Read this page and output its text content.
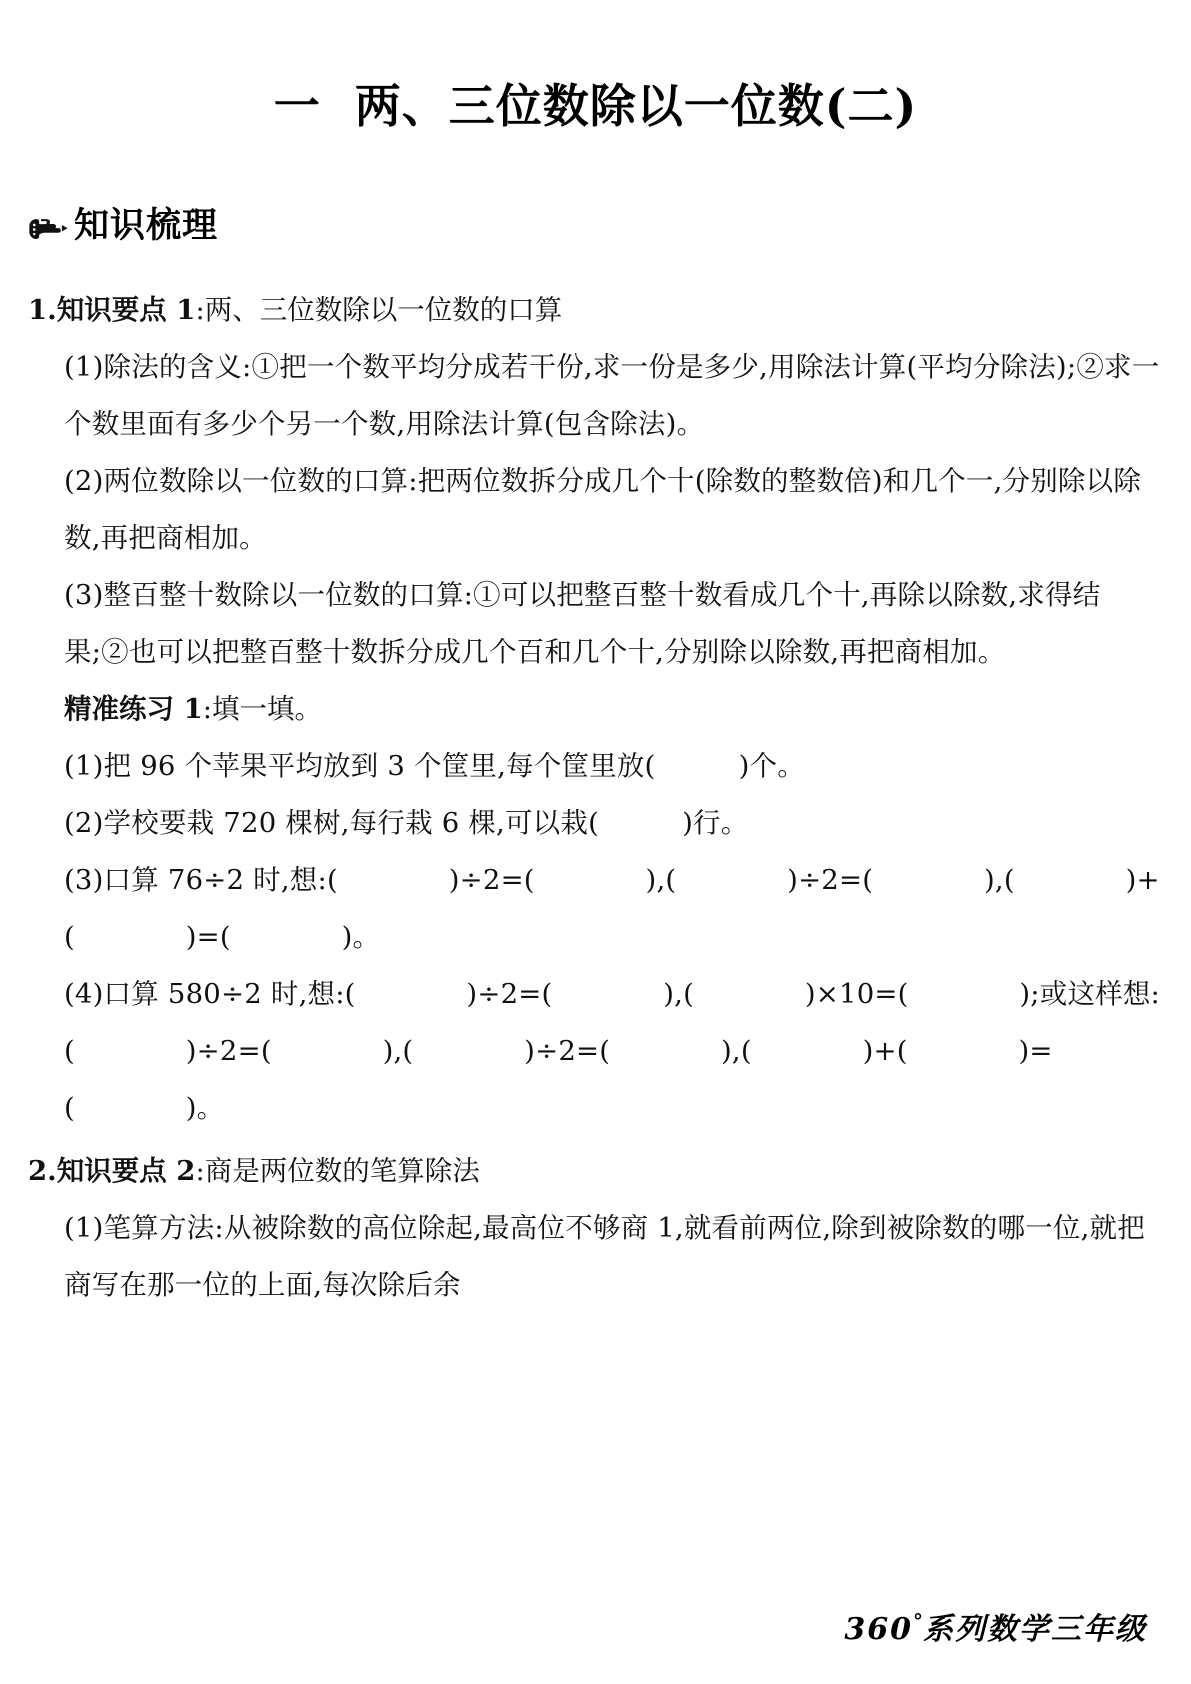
一 两、三位数除以一位数(二)
知识梳理
1.知识要点 1:两、三位数除以一位数的口算
(1)除法的含义:①把一个数平均分成若干份,求一份是多少,用除法计算(平均分除法);②求一个数里面有多少个另一个数,用除法计算(包含除法)。
(2)两位数除以一位数的口算:把两位数拆分成几个十(除数的整数倍)和几个一,分别除以除数,再把商相加。
(3)整百整十数除以一位数的口算:①可以把整百整十数看成几个十,再除以除数,求得结果;②也可以把整百整十数拆分成几个百和几个十,分别除以除数,再把商相加。
精准练习 1:填一填。
(1)把 96 个苹果平均放到 3 个筐里,每个筐里放(　　　)个。
(2)学校要栽 720 棵树,每行栽 6 棵,可以栽(　　　)行。
(3)口算 76÷2 时,想:(　　　　)÷2=(　　　　),(　　　　)÷2=(　　　　),(　　　　)+(　　　　)=(　　　　)。
(4)口算 580÷2 时,想:(　　　　)÷2=(　　　　),(　　　　)×10=(　　　　);或这样想:(　　　　)÷2=(　　　　),(　　　　)÷2=(　　　　),(　　　　)+(　　　　)=(　　　　)。
2.知识要点 2:商是两位数的笔算除法
(1)笔算方法:从被除数的高位除起,最高位不够商 1,就看前两位,除到被除数的哪一位,就把商写在那一位的上面,每次除后余
360°系列数学三年级
